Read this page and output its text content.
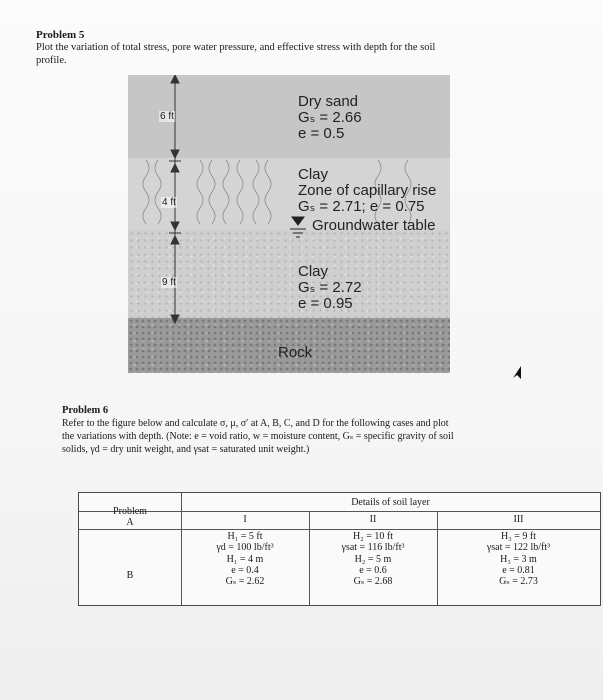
Problem 5
Plot the variation of total stress, pore water pressure, and effective stress with depth for the soil
profile.
6 ft
4 ft
9 ft
Dry sand
Gₛ = 2.66
e = 0.5
Clay
Zone of capillary rise
Gₛ = 2.71; e = 0.75
Groundwater table
Clay
Gₛ = 2.72
e = 0.95
Rock
Problem 6
Refer to the figure below and calculate σ, μ, σ′ at A, B, C, and D for the following cases and plot
the variations with depth. (Note: e = void ratio, w = moisture content, Gₛ = specific gravity of soil
solids, γd = dry unit weight, and γsat = saturated unit weight.)
Problem
Details of soil layer
I	II	III
A
H₁ = 5 ft
γd = 100 lb/ft³
H₂ = 10 ft
γsat = 116 lb/ft³
H₃ = 9 ft
γsat = 122 lb/ft³
B
H₁ = 4 m
e = 0.4
Gₛ = 2.62
H₂ = 5 m
e = 0.6
Gₛ = 2.68
H₃ = 3 m
e = 0.81
Gₛ = 2.73
